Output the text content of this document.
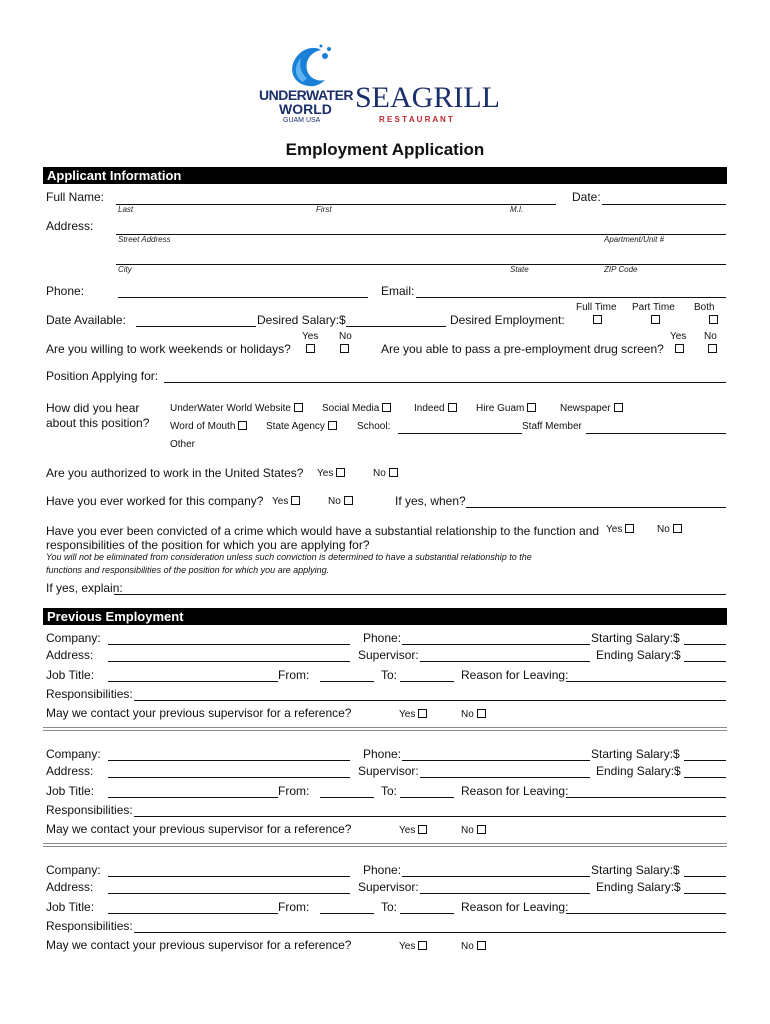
UNDERWATER
WORLD
GUAM USA
SEAGRILL
R E S T A U R A N T
Employment Application
Applicant Information
Full Name:
Last	First	M.I.
Date:
Address:
Street Address	Apartment/Unit #
City	State	ZIP Code
Phone:	Email:
Full Time Part Time Both
Date Available:	Desired Salary:$	Desired Employment:
Yes No	Yes No
Are you willing to work weekends or holidays?	Are you able to pass a pre-employment drug screen?
Position Applying for:
How did you hear
about this position?
UnderWater World Website	Social Media	Indeed	Hire Guam	Newspaper
Word of Mouth	State Agency	School:	Staff Member
Other
Are you authorized to work in the United States? Yes	No
Have you ever worked for this company? Yes	No	If yes, when?
Have you ever been convicted of a crime which would have a substantial relationship to the function and
responsibilities of the position for which you are applying for?
Yes	No
You will not be eliminated from consideration unless such conviction is determined to have a substantial relationship to the
functions and responsibilities of the position for which you are applying.
If yes, explain:
Previous Employment
Company:	Phone:	Starting Salary:$
Address:	Supervisor:	Ending Salary:$
Job Title:	From:	To:	Reason for Leaving:
Responsibilities:
May we contact your previous supervisor for a reference?	Yes	No
Company:	Phone:	Starting Salary:$
Address:	Supervisor:	Ending Salary:$
Job Title:	From:	To:	Reason for Leaving:
Responsibilities:
May we contact your previous supervisor for a reference?	Yes	No
Company:	Phone:	Starting Salary:$
Address:	Supervisor:	Ending Salary:$
Job Title:	From:	To:	Reason for Leaving:
Responsibilities:
May we contact your previous supervisor for a reference?	Yes	No
